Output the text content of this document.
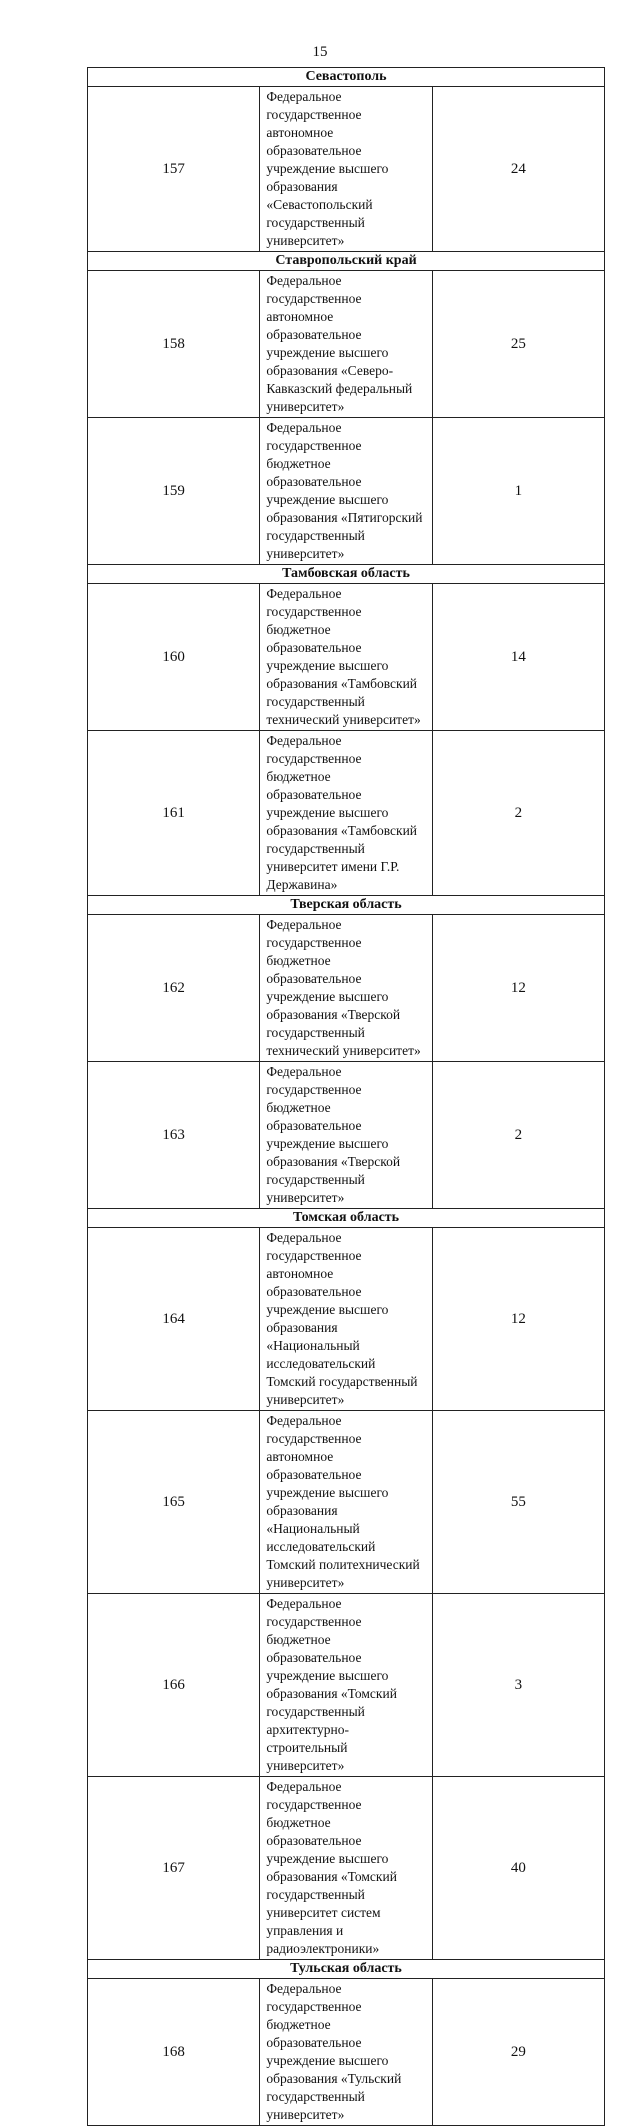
15
Севастополь		
157	Федеральное государственное автономное образовательное учреждение высшего образования «Севастопольский государственный университет»	24
Ставропольский край		
158	Федеральное государственное автономное образовательное учреждение высшего образования «Северо-Кавказский федеральный университет»	25
159	Федеральное государственное бюджетное образовательное учреждение высшего образования «Пятигорский государственный университет»	1
Тамбовская область		
160	Федеральное государственное бюджетное образовательное учреждение высшего образования «Тамбовский государственный технический университет»	14
161	Федеральное государственное бюджетное образовательное учреждение высшего образования «Тамбовский государственный университет имени Г.Р. Державина»	2
Тверская область		
162	Федеральное государственное бюджетное образовательное учреждение высшего образования «Тверской государственный технический университет»	12
163	Федеральное государственное бюджетное образовательное учреждение высшего образования «Тверской государственный университет»	2
Томская область		
164	Федеральное государственное автономное образовательное учреждение высшего образования «Национальный исследовательский Томский государственный университет»	12
165	Федеральное государственное автономное образовательное учреждение высшего образования «Национальный исследовательский Томский политехнический университет»	55
166	Федеральное государственное бюджетное образовательное учреждение высшего образования «Томский государственный архитектурно-строительный университет»	3
167	Федеральное государственное бюджетное образовательное учреждение высшего образования «Томский государственный университет систем управления и радиоэлектроники»	40
Тульская область		
168	Федеральное государственное бюджетное образовательное учреждение высшего образования «Тульский государственный университет»	29
